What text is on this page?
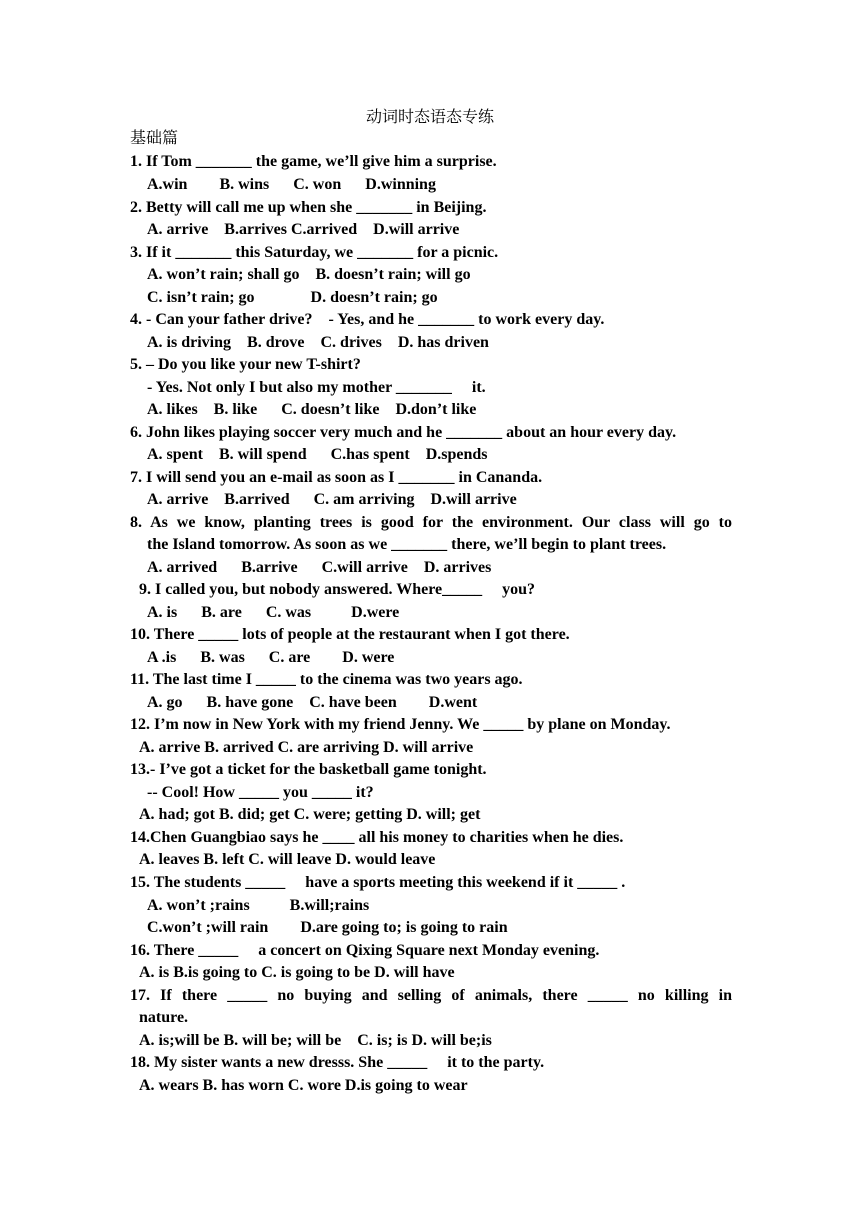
动词时态语态专练
基础篇
1. If Tom _______ the game, we’ll give him a surprise.
A.win        B. wins      C. won      D.winning
2. Betty will call me up when she _______ in Beijing.
A. arrive    B.arrives C.arrived    D.will arrive
3. If it _______ this Saturday, we _______ for a picnic.
A. won’t rain; shall go    B. doesn’t rain; will go
C. isn’t rain; go              D. doesn’t rain; go
4. - Can your father drive?    - Yes, and he _______ to work every day.
A. is driving    B. drove    C. drives    D. has driven
5. – Do you like your new T-shirt?
- Yes. Not only I but also my mother _______     it.
A. likes    B. like      C. doesn’t like    D.don’t like
6. John likes playing soccer very much and he _______ about an hour every day.
A. spent    B. will spend      C.has spent    D.spends
7. I will send you an e-mail as soon as I _______ in Cananda.
A. arrive    B.arrived      C. am arriving    D.will arrive
8. As we know, planting trees is good for the environment. Our class will go to
the Island tomorrow. As soon as we _______ there, we’ll begin to plant trees.
A. arrived      B.arrive      C.will arrive    D. arrives
9. I called you, but nobody answered. Where_____     you?
A. is      B. are      C. was          D.were
10. There _____ lots of people at the restaurant when I got there.
A .is      B. was      C. are        D. were
11. The last time I _____ to the cinema was two years ago.
A. go      B. have gone    C. have been        D.went
12. I’m now in New York with my friend Jenny. We _____ by plane on Monday.
A. arrive B. arrived C. are arriving D. will arrive
13.- I’ve got a ticket for the basketball game tonight.
-- Cool! How _____ you _____ it?
A. had; got B. did; get C. were; getting D. will; get
14.Chen Guangbiao says he ____ all his money to charities when he dies.
A. leaves B. left C. will leave D. would leave
15. The students _____     have a sports meeting this weekend if it _____ .
A. won’t ;rains          B.will;rains
C.won’t ;will rain        D.are going to; is going to rain
16. There _____     a concert on Qixing Square next Monday evening.
A. is B.is going to C. is going to be D. will have
17. If there _____ no buying and selling of animals, there _____ no killing in
nature.
A. is;will be B. will be; will be    C. is; is D. will be;is
18. My sister wants a new dresss. She _____     it to the party.
A. wears B. has worn C. wore D.is going to wear
